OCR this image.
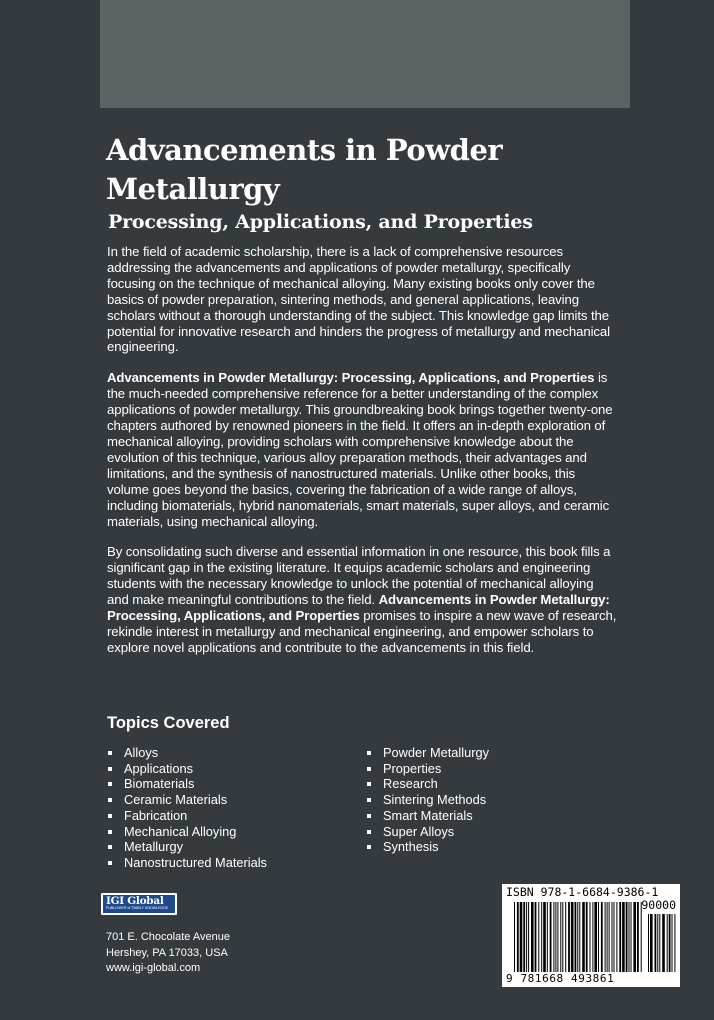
Advancements in Powder Metallurgy
Processing, Applications, and Properties

In the field of academic scholarship, there is a lack of comprehensive resources addressing the advancements and applications of powder metallurgy, specifically focusing on the technique of mechanical alloying. Many existing books only cover the basics of powder preparation, sintering methods, and general applications, leaving scholars without a thorough understanding of the subject. This knowledge gap limits the potential for innovative research and hinders the progress of metallurgy and mechanical engineering.

Advancements in Powder Metallurgy: Processing, Applications, and Properties is the much-needed comprehensive reference for a better understanding of the complex applications of powder metallurgy. This groundbreaking book brings together twenty-one chapters authored by renowned pioneers in the field. It offers an in-depth exploration of mechanical alloying, providing scholars with comprehensive knowledge about the evolution of this technique, various alloy preparation methods, their advantages and limitations, and the synthesis of nanostructured materials. Unlike other books, this volume goes beyond the basics, covering the fabrication of a wide range of alloys, including biomaterials, hybrid nanomaterials, smart materials, super alloys, and ceramic materials, using mechanical alloying.

By consolidating such diverse and essential information in one resource, this book fills a significant gap in the existing literature. It equips academic scholars and engineering students with the necessary knowledge to unlock the potential of mechanical alloying and make meaningful contributions to the field. Advancements in Powder Metallurgy: Processing, Applications, and Properties promises to inspire a new wave of research, rekindle interest in metallurgy and mechanical engineering, and empower scholars to explore novel applications and contribute to the advancements in this field.

Topics Covered
Alloys
Applications
Biomaterials
Ceramic Materials
Fabrication
Mechanical Alloying
Metallurgy
Nanostructured Materials
Powder Metallurgy
Properties
Research
Sintering Methods
Smart Materials
Super Alloys
Synthesis
IGI Global
PUBLISHER of TIMELY KNOWLEDGE
701 E. Chocolate Avenue
Hershey, PA 17033, USA
www.igi-global.com
ISBN 978-1-6684-9386-1
90000
9 781668 493861
